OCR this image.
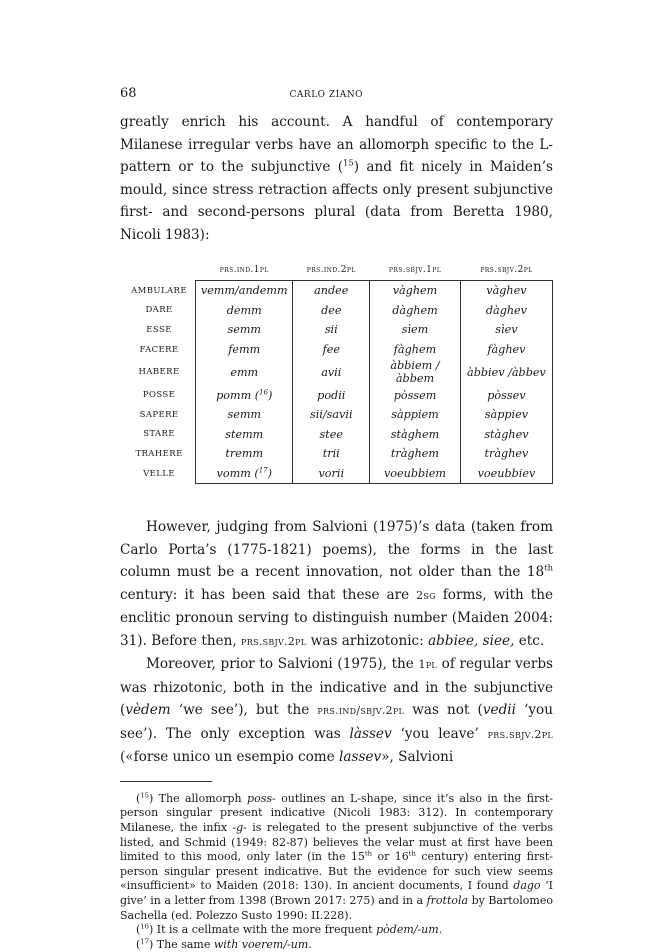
68	CARLO ZIANO

greatly enrich his account. A handful of contemporary Milanese irregular verbs have an allomorph specific to the L-pattern or to the subjunctive ($^{15}$) and fit nicely in Maiden’s mould, since stress retraction affects only present subjunctive first- and second-persons plural (data from Beretta 1980, Nicoli 1983):

	prs.ind.1pl	prs.ind.2pl	prs.sbjv.1pl	prs.sbjv.2pl
AMBULARE	vemm/andemm	andee	vàghem	vàghev
DARE	demm	dee	dàghem	dàghev
ESSE	semm	sii	sìem	sìev
FACERE	femm	fee	fàghem	fàghev
HABERE	emm	avii	àbbiem / àbbem	àbbiev /àbbev
POSSE	pomm ($^{16}$)	podii	pòssem	pòssev
SAPERE	semm	sii/savii	sàppiem	sàppiev
STARE	stemm	stee	stàghem	stàghev
TRAHERE	tremm	trii	tràghem	tràghev
VELLE	vomm ($^{17}$)	vorii	voeubbiem	voeubbiev

However, judging from Salvioni (1975)’s data (taken from Carlo Porta’s (1775-1821) poems), the forms in the last column must be a recent innovation, not older than the 18th century: it has been said that these are 2sg forms, with the enclitic pronoun serving to distinguish number (Maiden 2004: 31). Before then, prs.sbjv.2pl was arhizotonic: abbiee, siee, etc.

Moreover, prior to Salvioni (1975), the 1pl of regular verbs was rhizotonic, both in the indicative and in the subjunctive (vèdem ‘we see’), but the prs.ind/sbjv.2pl was not (vedii ‘you see’). The only exception was làssev ‘you leave’ prs.sbjv.2pl («forse unico un esempio come lassev», Salvioni

($^{15}$) The allomorph poss- outlines an L-shape, since it’s also in the first-person singular present indicative (Nicoli 1983: 312). In contemporary Milanese, the infix -g- is relegated to the present subjunctive of the verbs listed, and Schmid (1949: 82-87) believes the velar must at first have been limited to this mood, only later (in the 15th or 16th century) entering first-person singular present indicative. But the evidence for such view seems «insufficient» to Maiden (2018: 130). In ancient documents, I found dago ‘I give’ in a letter from 1398 (Brown 2017: 275) and in a frottola by Bartolomeo Sachella (ed. Polezzo Susto 1990: II.228).

($^{16}$) It is a cellmate with the more frequent pòdem/-um.

($^{17}$) The same with voerem/-um.
